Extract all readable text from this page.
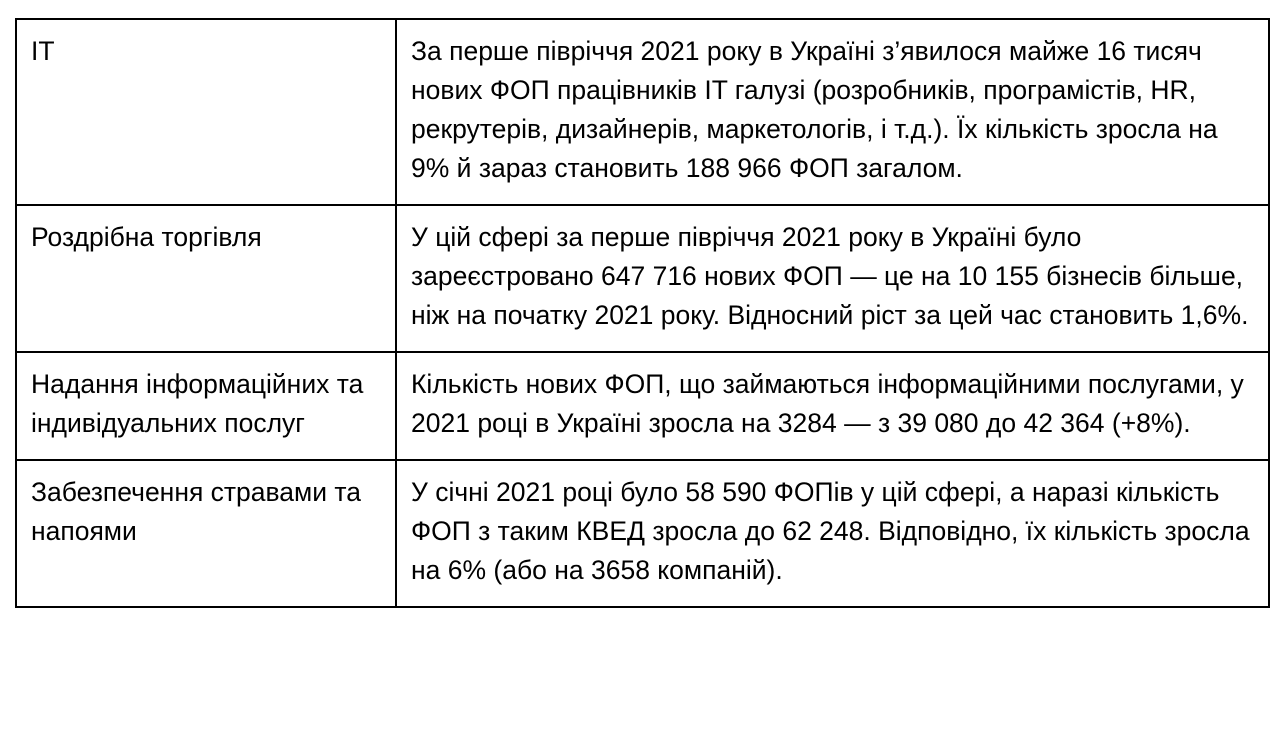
IT	За перше півріччя 2021 року в Україні з’явилося майже 16 тисяч нових ФОП працівників IT галузі (розробників, програмістів, HR, рекрутерів, дизайнерів, маркетологів, і т.д.). Їх кількість зросла на 9% й зараз становить 188 966 ФОП загалом.
Роздрібна торгівля	У цій сфері за перше півріччя 2021 року в Україні було зареєстровано 647 716 нових ФОП — це на 10 155 бізнесів більше, ніж на початку 2021 року. Відносний ріст за цей час становить 1,6%.
Надання інформаційних та індивідуальних послуг	Кількість нових ФОП, що займаються інформаційними послугами, у 2021 році в Україні зросла на 3284 — з 39 080 до 42 364 (+8%).
Забезпечення стравами та напоями	У січні 2021 році було 58 590 ФОПів у цій сфері, а наразі кількість ФОП з таким КВЕД зросла до 62 248. Відповідно, їх кількість зросла на 6% (або на 3658 компаній).
